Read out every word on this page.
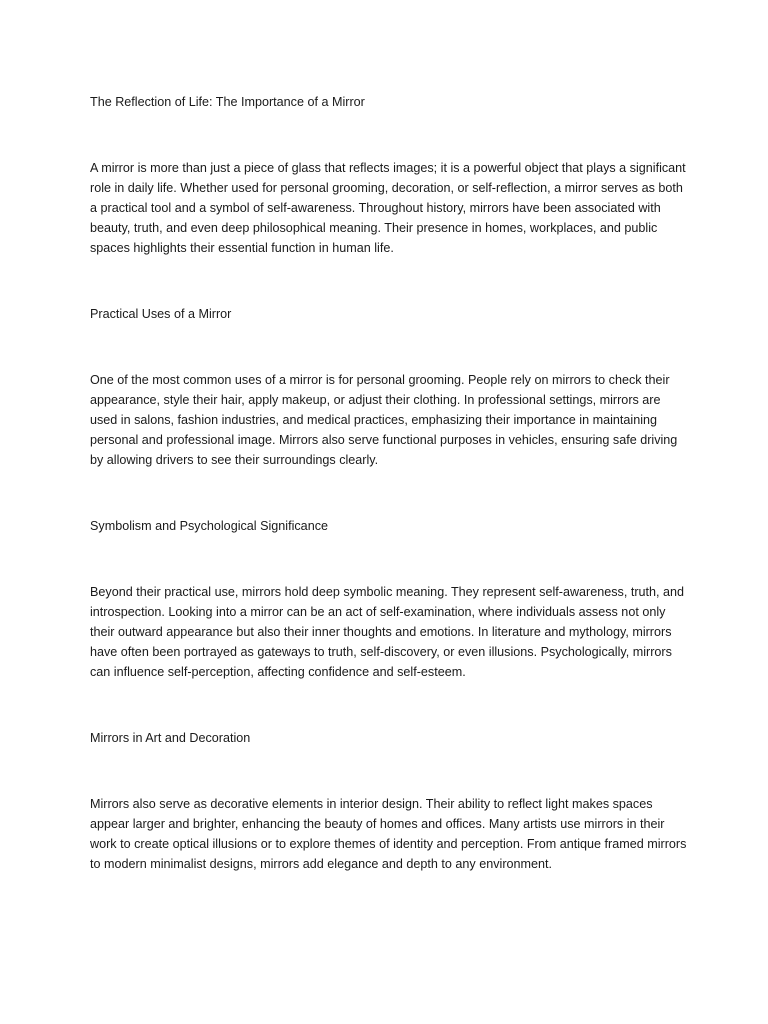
The Reflection of Life: The Importance of a Mirror

A mirror is more than just a piece of glass that reflects images; it is a powerful object that plays a significant role in daily life. Whether used for personal grooming, decoration, or self-reflection, a mirror serves as both a practical tool and a symbol of self-awareness. Throughout history, mirrors have been associated with beauty, truth, and even deep philosophical meaning. Their presence in homes, workplaces, and public spaces highlights their essential function in human life.

Practical Uses of a Mirror

One of the most common uses of a mirror is for personal grooming. People rely on mirrors to check their appearance, style their hair, apply makeup, or adjust their clothing. In professional settings, mirrors are used in salons, fashion industries, and medical practices, emphasizing their importance in maintaining personal and professional image. Mirrors also serve functional purposes in vehicles, ensuring safe driving by allowing drivers to see their surroundings clearly.

Symbolism and Psychological Significance

Beyond their practical use, mirrors hold deep symbolic meaning. They represent self-awareness, truth, and introspection. Looking into a mirror can be an act of self-examination, where individuals assess not only their outward appearance but also their inner thoughts and emotions. In literature and mythology, mirrors have often been portrayed as gateways to truth, self-discovery, or even illusions. Psychologically, mirrors can influence self-perception, affecting confidence and self-esteem.

Mirrors in Art and Decoration

Mirrors also serve as decorative elements in interior design. Their ability to reflect light makes spaces appear larger and brighter, enhancing the beauty of homes and offices. Many artists use mirrors in their work to create optical illusions or to explore themes of identity and perception. From antique framed mirrors to modern minimalist designs, mirrors add elegance and depth to any environment.
